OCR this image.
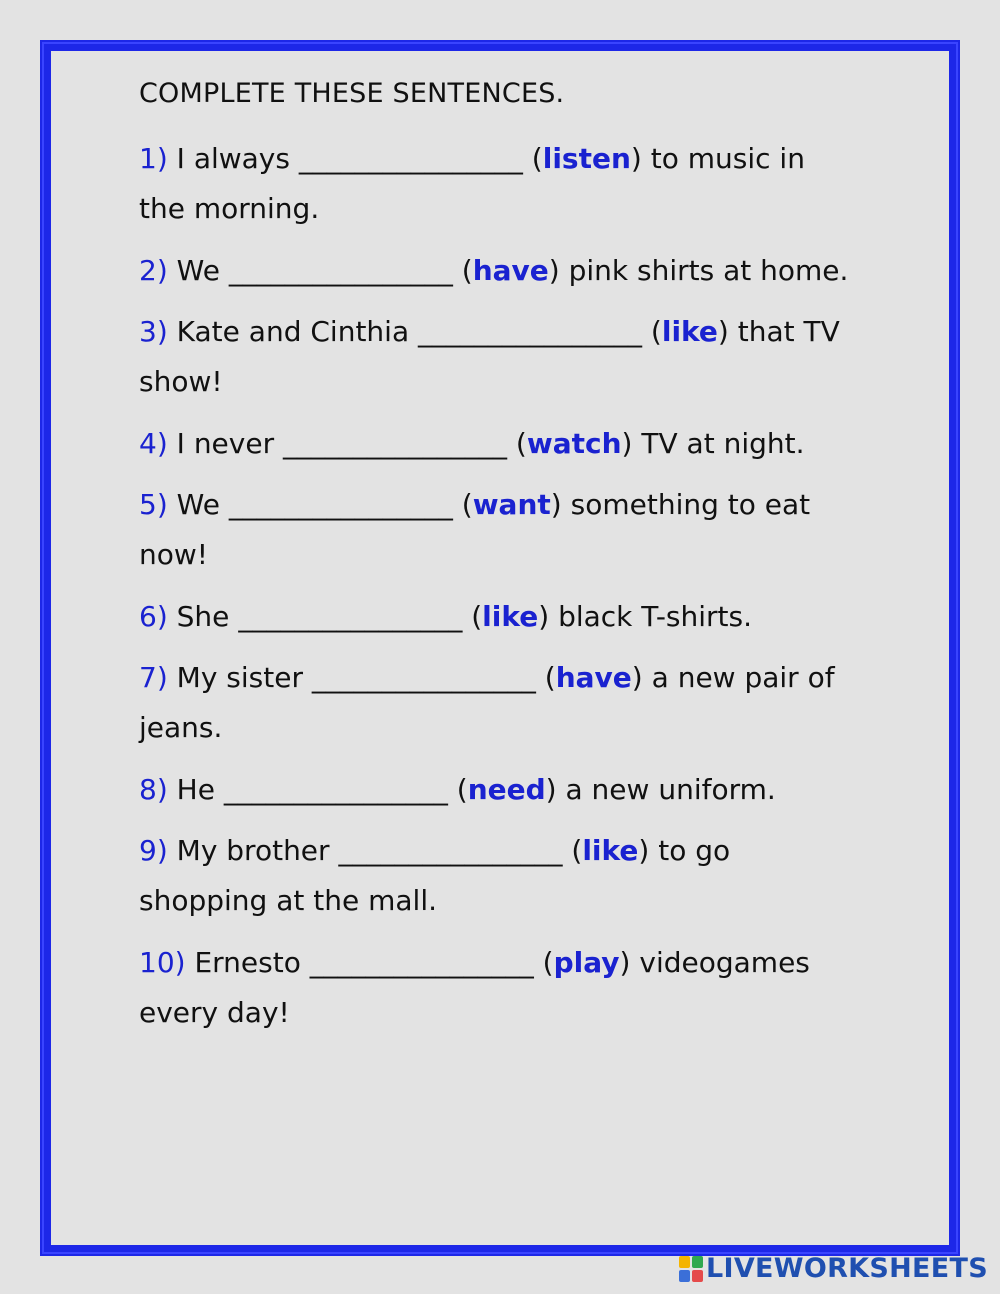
COMPLETE THESE SENTENCES.
1) I always ________________ (listen) to music in the morning.
2) We ________________ (have) pink shirts at home.
3) Kate and Cinthia ________________ (like) that TV show!
4) I never ________________ (watch) TV at night.
5) We ________________ (want) something to eat now!
6) She ________________ (like) black T-shirts.
7) My sister ________________ (have) a new pair of jeans.
8) He ________________ (need) a new uniform.
9) My brother ________________ (like) to go shopping at the mall.
10) Ernesto ________________ (play) videogames every day!
LIVEWORKSHEETS
